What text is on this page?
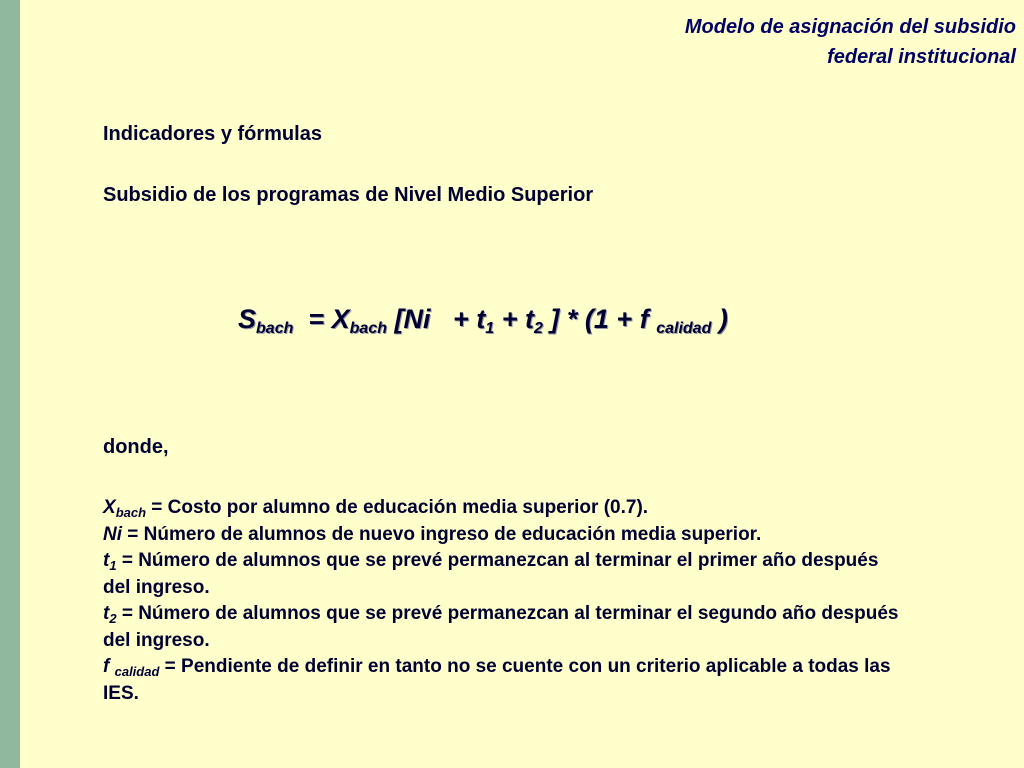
Modelo de asignación del subsidio
federal institucional
Indicadores y fórmulas
Subsidio de los programas de Nivel Medio Superior
$S_{bach} = X_{bach}$ [$Ni + t_1 + t_2$ ] * (1 + f $_{calidad}$ )
donde,
$X_{bach}$ = Costo por alumno de educación media superior (0.7).
Ni = Número de alumnos de nuevo ingreso de educación media superior.
$t_1$ = Número de alumnos que se prevé permanezcan al terminar el primer año después del ingreso.
$t_2$ = Número de alumnos que se prevé permanezcan al terminar el segundo año después del ingreso.
f $_{calidad}$ = Pendiente de definir en tanto no se cuente con un criterio aplicable a todas las IES.
